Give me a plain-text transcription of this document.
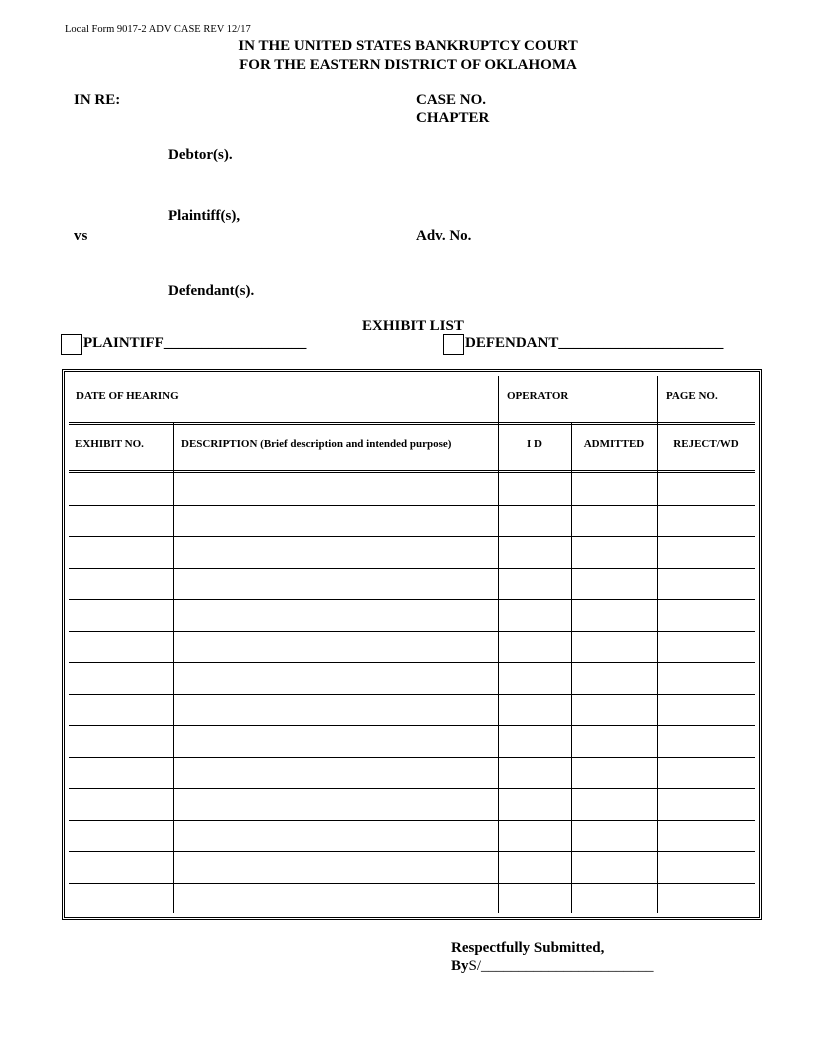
Local Form 9017-2 ADV CASE REV 12/17
IN THE UNITED STATES BANKRUPTCY COURT
FOR THE EASTERN DISTRICT OF OKLAHOMA
IN RE:	CASE NO.
CHAPTER
Debtor(s).
Plaintiff(s),
vs	Adv. No.
Defendant(s).
EXHIBIT LIST
PLAINTIFF___________________	DEFENDANT______________________
DATE OF HEARING	OPERATOR	PAGE NO.
EXHIBIT NO.	DESCRIPTION (Brief description and intended purpose)	I D	ADMITTED	REJECT/WD
Respectfully Submitted,
ByS/_______________________
